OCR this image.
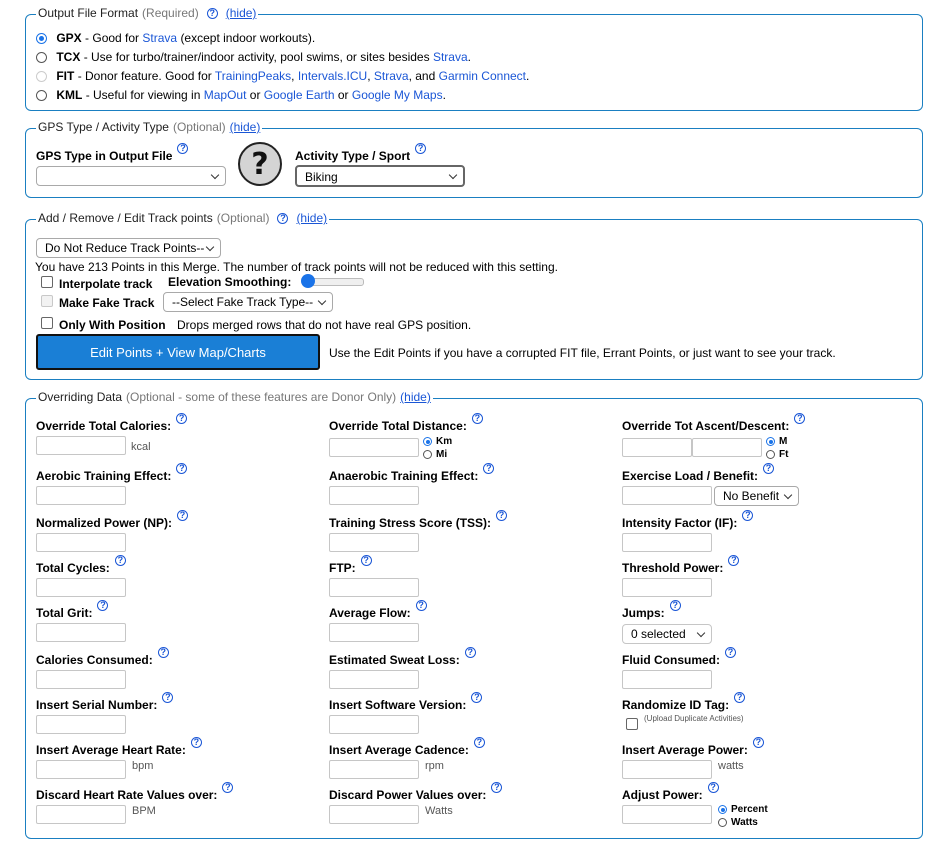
Output File Format (Required)	? (hide)
GPX - Good for Strava (except indoor workouts).
TCX - Use for turbo/trainer/indoor activity, pool swims, or sites besides Strava.
FIT - Donor feature. Good for TrainingPeaks, Intervals.ICU, Strava, and Garmin Connect.
KML - Useful for viewing in MapOut or Google Earth or Google My Maps.
GPS Type / Activity Type (Optional) (hide)
GPS Type in Output File
?	?	Activity Type / Sport
?
Biking
Add / Remove / Edit Track points (Optional)	? (hide)
Do Not Reduce Track Points--
You have 213 Points in this Merge. The number of track points will not be reduced with this setting.
Interpolate track Elevation Smoothing:
Make Fake Track	--Select Fake Track Type--
Only With Position Drops merged rows that do not have real GPS position.
Edit Points + View Map/Charts	Use the Edit Points if you have a corrupted FIT file, Errant Points, or just want to see your track.
Overriding Data (Optional - some of these features are Donor Only) (hide)
Override Total Calories:
?
kcal
Override Total Distance:
?
Km
Mi
Override Tot Ascent/Descent:
?
M
Ft
Aerobic Training Effect:
?
Anaerobic Training Effect:
?
Exercise Load / Benefit:
?
No Benefit
Normalized Power (NP):
?
Training Stress Score (TSS):
?
Intensity Factor (IF):
?
Total Cycles:
?
FTP:
?
Threshold Power:
?
Total Grit:
?
Average Flow:
?
Jumps:
?
0 selected
Calories Consumed:
?
Estimated Sweat Loss:
?
Fluid Consumed:
?
Insert Serial Number:
?
Insert Software Version:
?
Randomize ID Tag:
?
(Upload Duplicate Activities)
Insert Average Heart Rate:
?
bpm
Insert Average Cadence:
?
rpm
Insert Average Power:
?
watts
Discard Heart Rate Values over:
?
BPM
Discard Power Values over:
?
Watts
Adjust Power:
?
Percent
Watts
